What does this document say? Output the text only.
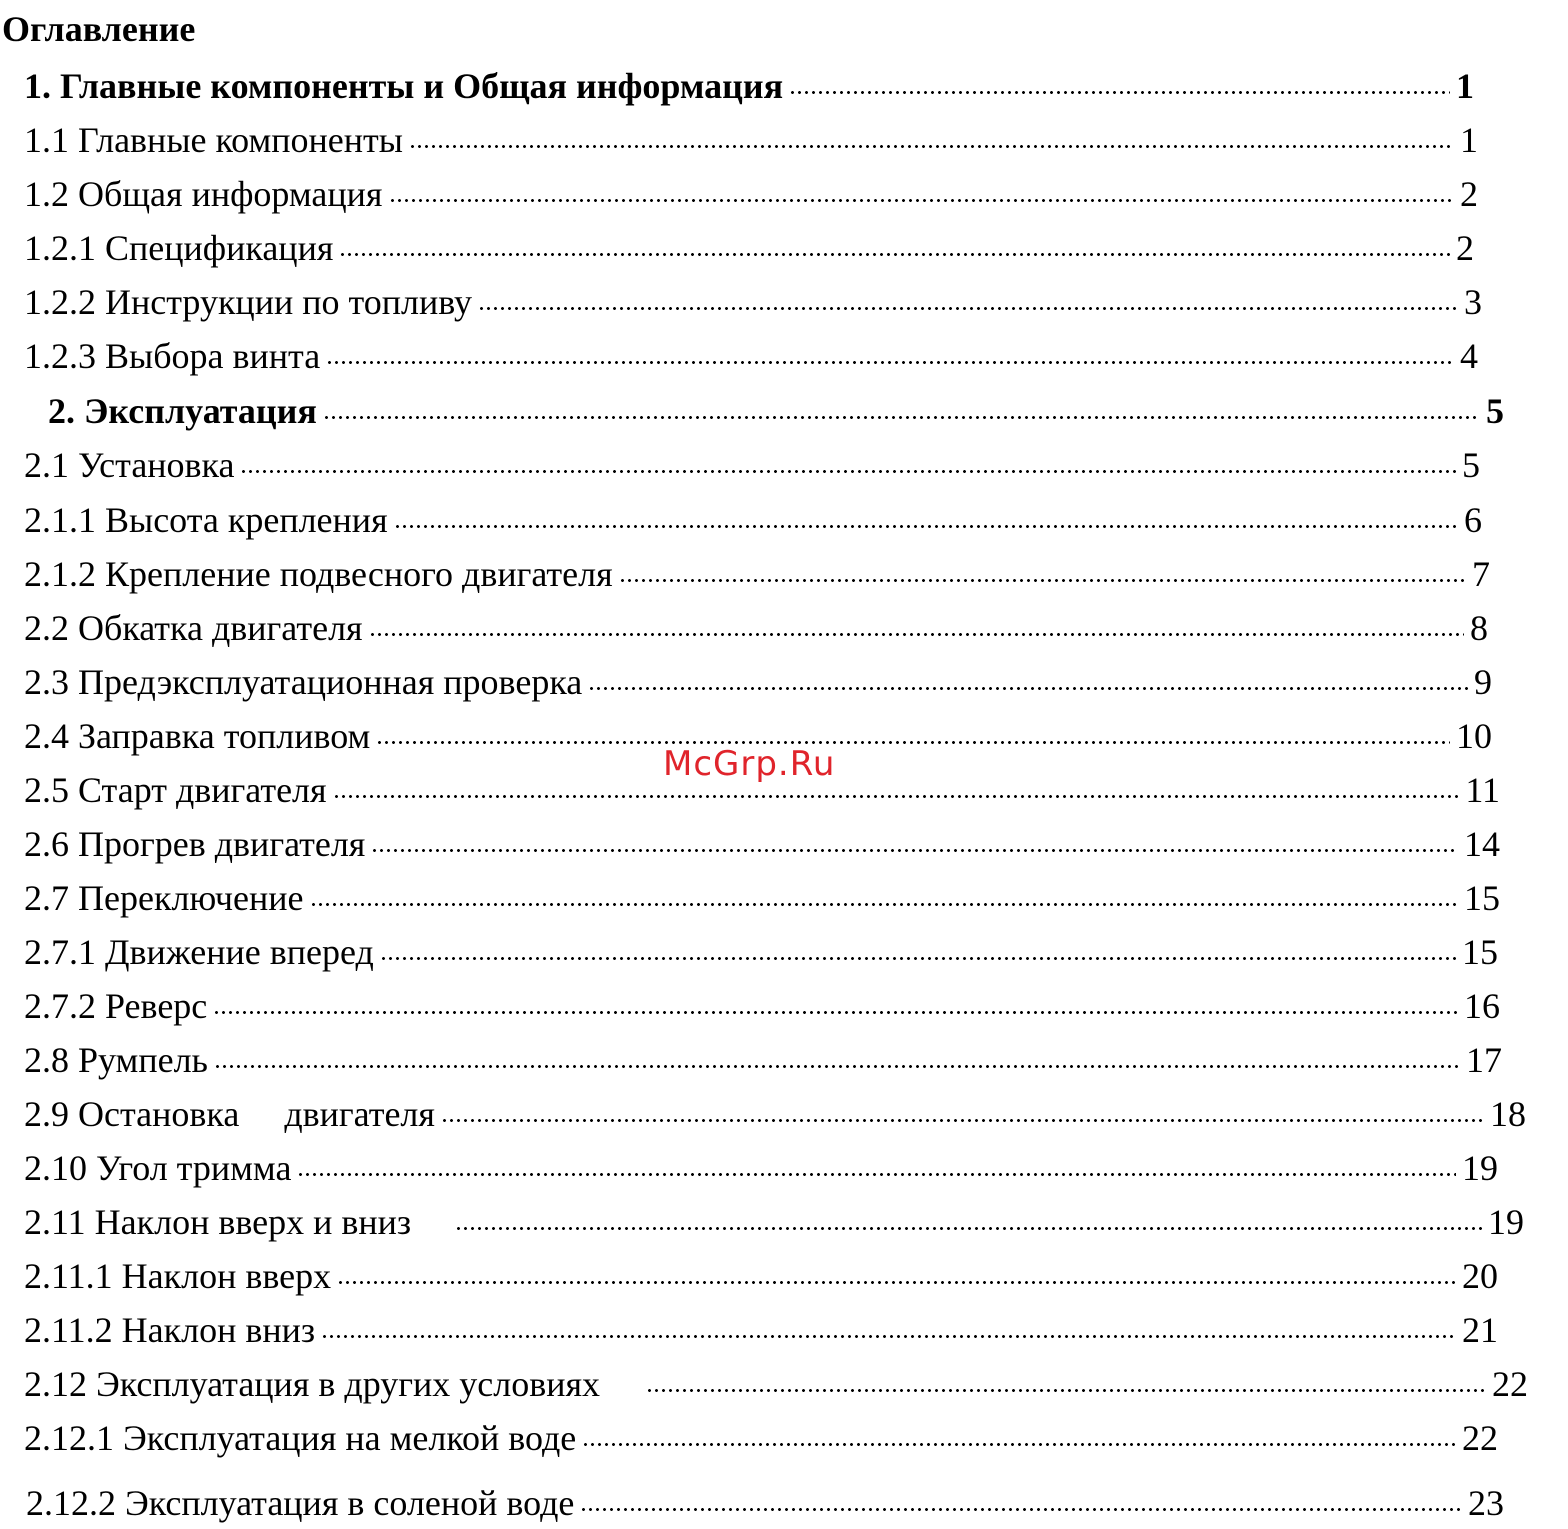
Оглавление
1. Главные компоненты и Общая информация	1
1.1 Главные компоненты	1
1.2 Общая информация	2
1.2.1 Спецификация	2
1.2.2 Инструкции по топливу	3
1.2.3 Выбора винта	4
2. Эксплуатация	5
2.1 Установка	5
2.1.1 Высота крепления	6
2.1.2 Крепление подвесного двигателя	7
2.2 Обкатка двигателя	8
2.3 Предэксплуатационная проверка	9
2.4 Заправка топливом	10
2.5 Старт двигателя	11
2.6 Прогрев двигателя	14
2.7 Переключение	15
2.7.1 Движение вперед	15
2.7.2 Реверс	16
2.8 Румпель	17
2.9 Остановка     двигателя	18
2.10 Угол тримма	19
2.11 Наклон вверх и вниз	19
2.11.1 Наклон вверх	20
2.11.2 Наклон вниз	21
2.12 Эксплуатация в других условиях	22
2.12.1 Эксплуатация на мелкой воде	22
2.12.2 Эксплуатация в соленой воде	23
McGrp.Ru
